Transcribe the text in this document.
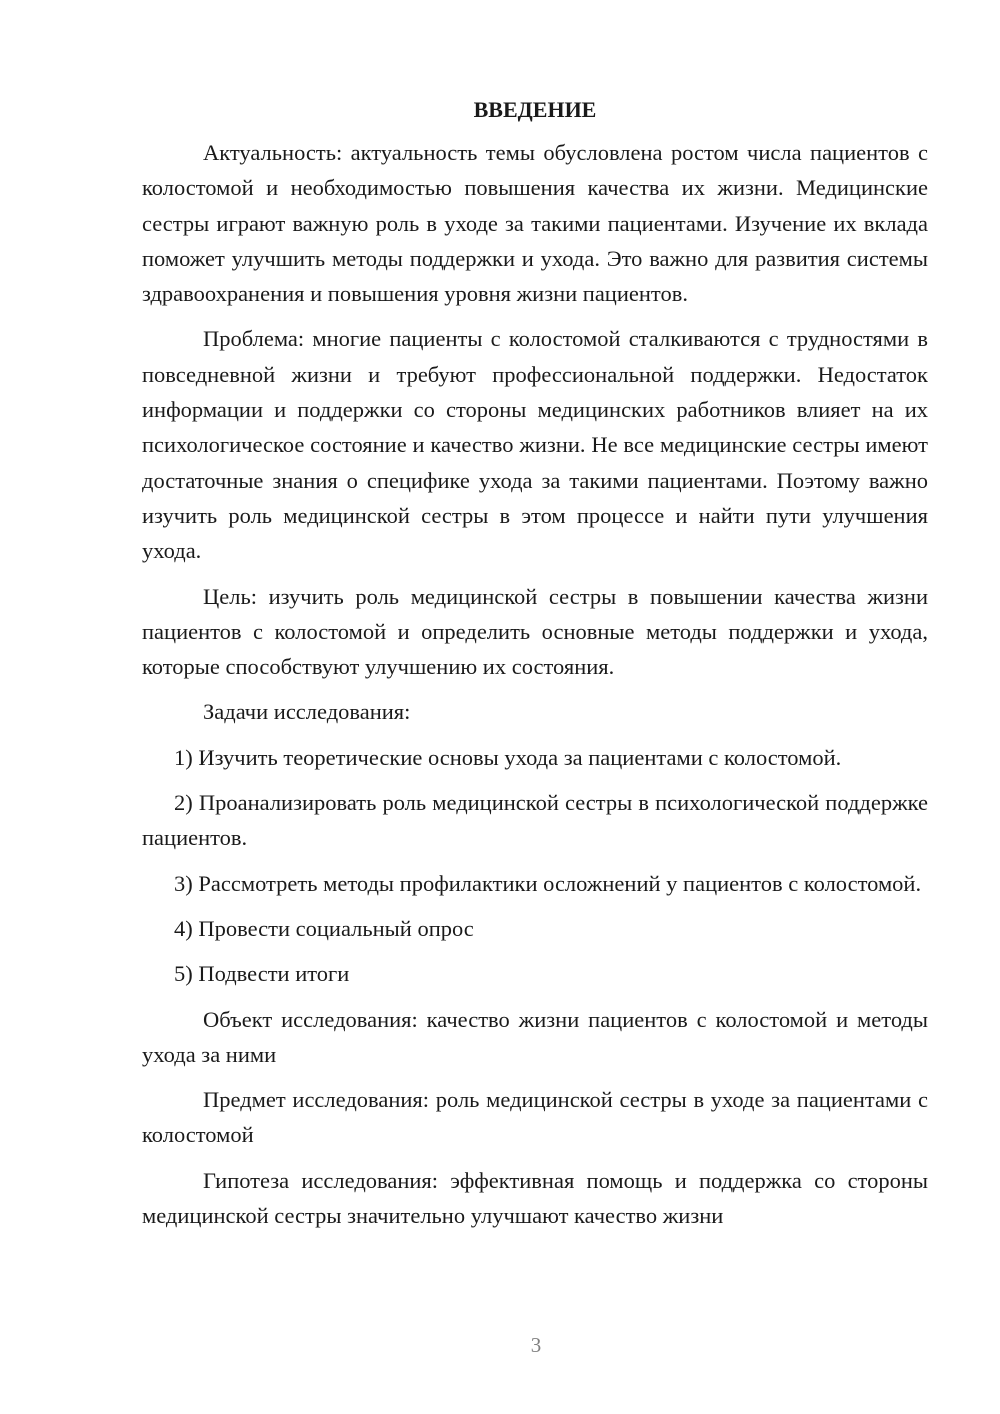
ВВЕДЕНИЕ

Актуальность: актуальность темы обусловлена ростом числа пациентов с колостомой и необходимостью повышения качества их жизни. Медицинские сестры играют важную роль в уходе за такими пациентами. Изучение их вклада поможет улучшить методы поддержки и ухода. Это важно для развития системы здравоохранения и повышения уровня жизни пациентов.

Проблема: многие пациенты с колостомой сталкиваются с трудностями в повседневной жизни и требуют профессиональной поддержки. Недостаток информации и поддержки со стороны медицинских работников влияет на их психологическое состояние и качество жизни. Не все медицинские сестры имеют достаточные знания о специфике ухода за такими пациентами. Поэтому важно изучить роль медицинской сестры в этом процессе и найти пути улучшения ухода.

Цель: изучить роль медицинской сестры в повышении качества жизни пациентов с колостомой и определить основные методы поддержки и ухода, которые способствуют улучшению их состояния.

Задачи исследования:

1) Изучить теоретические основы ухода за пациентами с колостомой.

2) Проанализировать роль медицинской сестры в психологической поддержке пациентов.

3) Рассмотреть методы профилактики осложнений у пациентов с колостомой.

4) Провести социальный опрос

5) Подвести итоги

Объект исследования: качество жизни пациентов с колостомой и методы ухода за ними

Предмет исследования: роль медицинской сестры в уходе за пациентами с колостомой

Гипотеза исследования: эффективная помощь и поддержка со стороны медицинской сестры значительно улучшают качество жизни

3
